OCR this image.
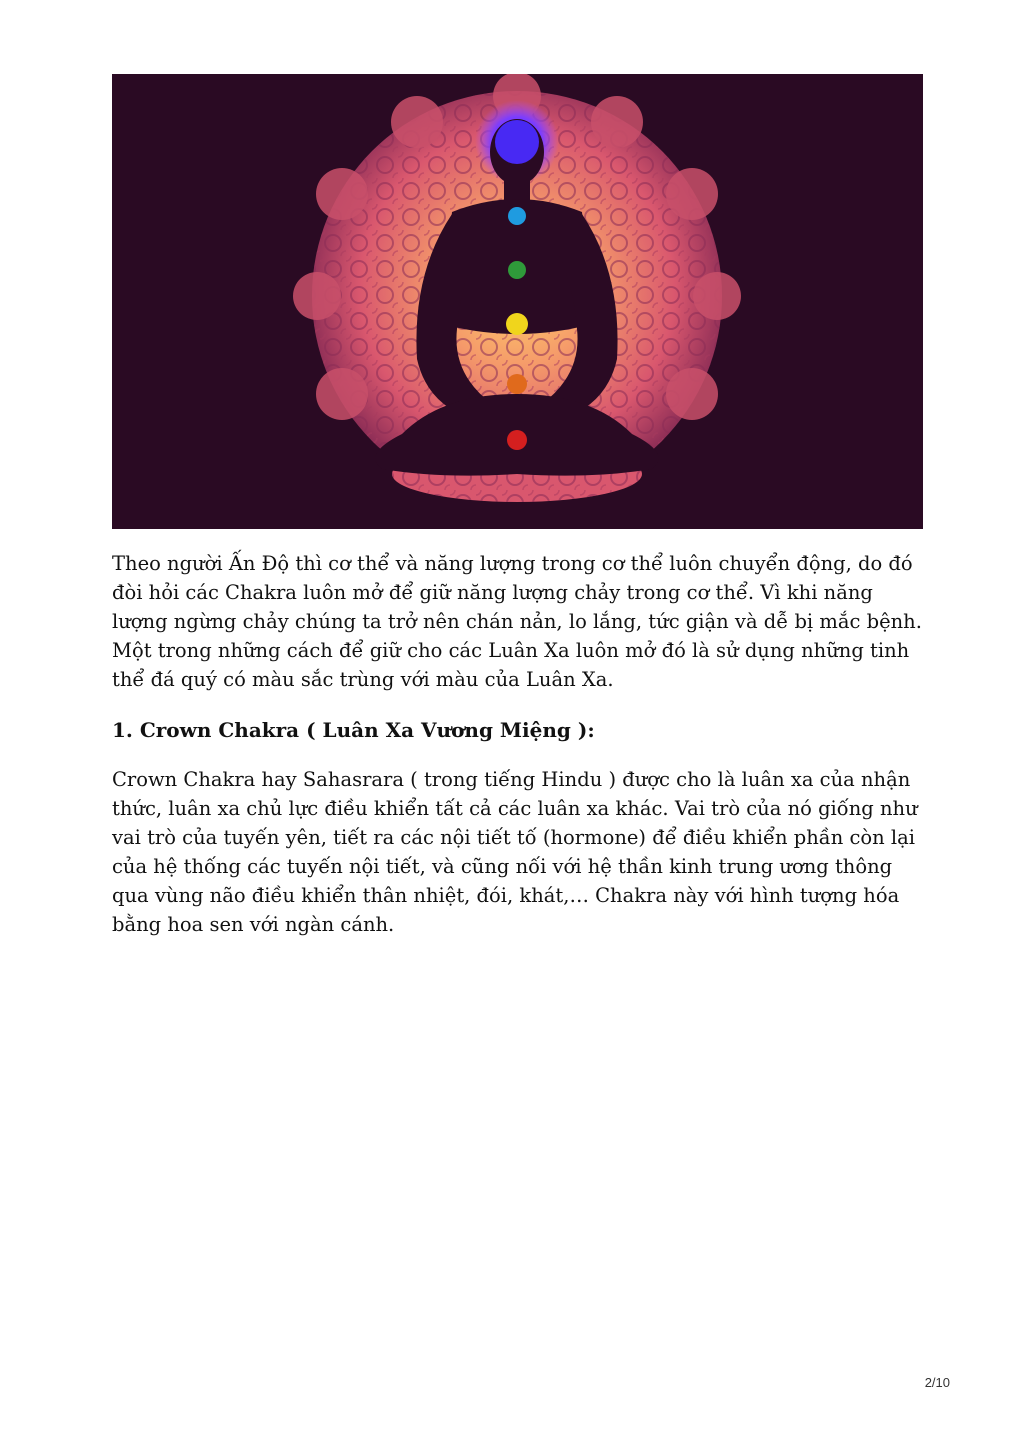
Theo người Ấn Độ thì cơ thể và năng lượng trong cơ thể luôn chuyển động, do đó đòi hỏi các Chakra luôn mở để giữ năng lượng chảy trong cơ thể. Vì khi năng lượng ngừng chảy chúng ta trở nên chán nản, lo lắng, tức giận và dễ bị mắc bệnh. Một trong những cách để giữ cho các Luân Xa luôn mở đó là sử dụng những tinh thể đá quý có màu sắc trùng với màu của Luân Xa.

1. Crown Chakra ( Luân Xa Vương Miệng ):

Crown Chakra hay Sahasrara ( trong tiếng Hindu ) được cho là luân xa của nhận thức, luân xa chủ lực điều khiển tất cả các luân xa khác. Vai trò của nó giống như vai trò của tuyến yên, tiết ra các nội tiết tố (hormone) để điều khiển phần còn lại của hệ thống các tuyến nội tiết, và cũng nối với hệ thần kinh trung ương thông qua vùng não điều khiển thân nhiệt, đói, khát,… Chakra này với hình tượng hóa bằng hoa sen với ngàn cánh.

2/10
